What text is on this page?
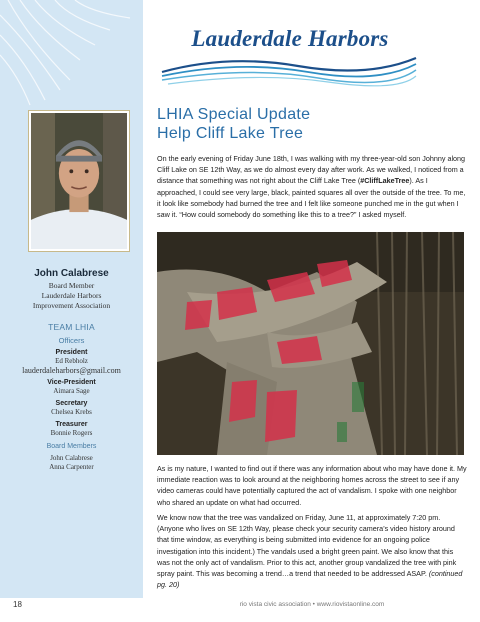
John Calabrese
Board Member
Lauderdale Harbors
Improvement Association
TEAM LHIA
Officers
President
Ed Rebholz
lauderdaleharbors@gmail.com
Vice-President
Aimara Sage
Secretary
Chelsea Krebs
Treasurer
Bonnie Rogers
Board Members
John Calabrese
Anna Carpenter
Lauderdale Harbors
LHIA Special Update
Help Cliff Lake Tree
On the early evening of Friday June 18th, I was walking with my three-year-old son Johnny along Cliff Lake on SE 12th Way, as we do almost every day after work. As we walked, I noticed from a distance that something was not right about the Cliff Lake Tree (#CliffLakeTree). As I approached, I could see very large, black, painted squares all over the outside of the tree. To me, it look like somebody had burned the tree and I felt like someone punched me in the gut when I saw it. “How could somebody do something like this to a tree?” I asked myself.
As is my nature, I wanted to find out if there was any information about who may have done it. My immediate reaction was to look around at the neighboring homes across the street to see if any video cameras could have potentially captured the act of vandalism. I spoke with one neighbor who shared an update on what had occurred.
We know now that the tree was vandalized on Friday, June 11, at approximately 7:20 pm. (Anyone who lives on SE 12th Way, please check your security camera’s video history around that time window, as everything is being submitted into evidence for an ongoing police investigation into this incident.) The vandals used a bright green paint. We also know that this was not the only act of vandalism. Prior to this act, another group vandalized the tree with pink spray paint. This was becoming a trend…a trend that needed to be addressed ASAP. (continued pg. 20)
18	rio vista civic association • www.riovistaonline.com
